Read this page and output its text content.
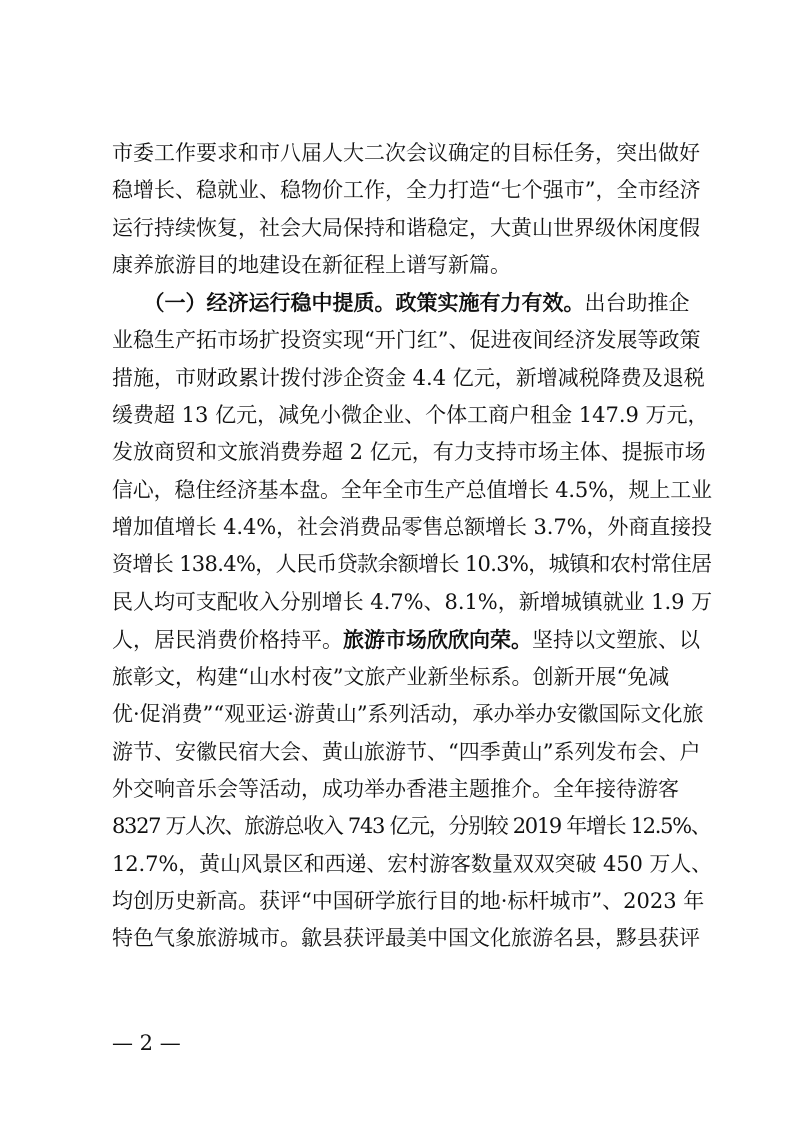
市委工作要求和市八届人大二次会议确定的目标任务，突出做好
稳增长、稳就业、稳物价工作，全力打造“七个强市”，全市经济
运行持续恢复，社会大局保持和谐稳定，大黄山世界级休闲度假
康养旅游目的地建设在新征程上谱写新篇。
　　（一）经济运行稳中提质。政策实施有力有效。出台助推企
业稳生产拓市场扩投资实现“开门红”、促进夜间经济发展等政策
措施，市财政累计拨付涉企资金 4.4 亿元，新增减税降费及退税
缓费超 13 亿元，减免小微企业、个体工商户租金 147.9 万元，
发放商贸和文旅消费券超 2 亿元，有力支持市场主体、提振市场
信心，稳住经济基本盘。全年全市生产总值增长 4.5%，规上工业
增加值增长 4.4%，社会消费品零售总额增长 3.7%，外商直接投
资增长 138.4%，人民币贷款余额增长 10.3%，城镇和农村常住居
民人均可支配收入分别增长 4.7%、8.1%，新增城镇就业 1.9 万
人，居民消费价格持平。旅游市场欣欣向荣。坚持以文塑旅、以
旅彰文，构建“山水村夜”文旅产业新坐标系。创新开展“免减
优·促消费”“观亚运·游黄山”系列活动，承办举办安徽国际文化旅
游节、安徽民宿大会、黄山旅游节、“四季黄山”系列发布会、户
外交响音乐会等活动，成功举办香港主题推介。全年接待游客
8327 万人次、旅游总收入 743 亿元，分别较 2019 年增长 12.5%、
12.7%，黄山风景区和西递、宏村游客数量双双突破 450 万人、
均创历史新高。获评“中国研学旅行目的地·标杆城市”、2023 年
特色气象旅游城市。歙县获评最美中国文化旅游名县，黟县获评
— 2 —
